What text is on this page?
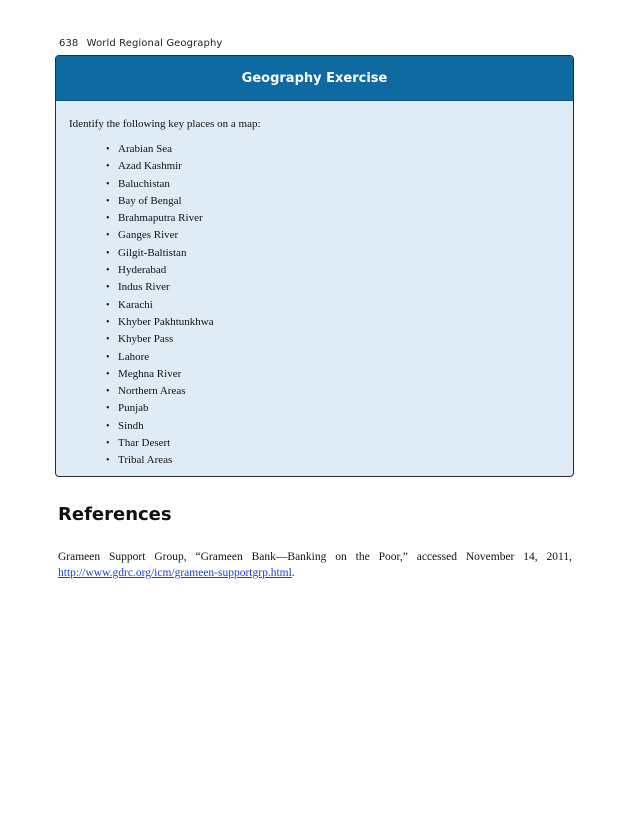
638 World Regional Geography
Geography Exercise
Identify the following key places on a map:
• Arabian Sea
• Azad Kashmir
• Baluchistan
• Bay of Bengal
• Brahmaputra River
• Ganges River
• Gilgit-Baltistan
• Hyderabad
• Indus River
• Karachi
• Khyber Pakhtunkhwa
• Khyber Pass
• Lahore
• Meghna River
• Northern Areas
• Punjab
• Sindh
• Thar Desert
• Tribal Areas
References

Grameen Support Group, “Grameen Bank—Banking on the Poor,” accessed November 14, 2011, http://www.gdrc.org/icm/grameen-supportgrp.html.
